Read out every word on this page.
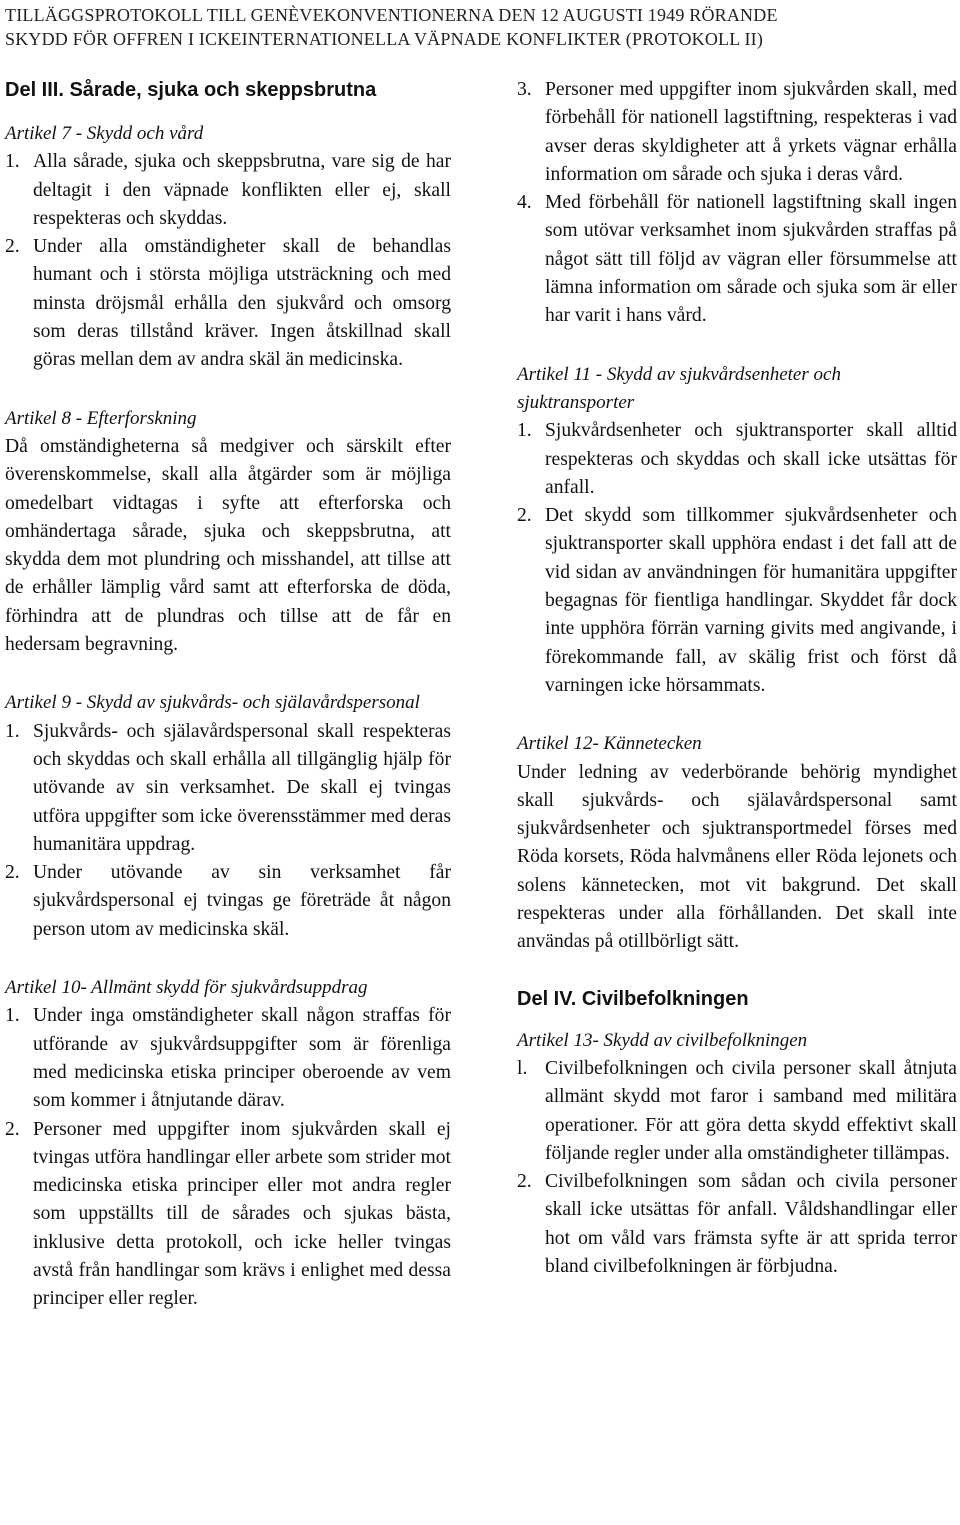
TILLÄGGSPROTOKOLL TILL GENÈVEKONVENTIONERNA DEN 12 AUGUSTI 1949 RÖRANDE
SKYDD FÖR OFFREN I ICKEINTERNATIONELLA VÄPNADE KONFLIKTER (PROTOKOLL II)
Del III. Sårade, sjuka och skeppsbrutna

Artikel 7 - Skydd och vård

1. Alla sårade, sjuka och skeppsbrutna, vare sig de har deltagit i den väpnade konflikten eller ej, skall respekteras och skyddas.

2. Under alla omständigheter skall de behandlas humant och i största möjliga utsträckning och med minsta dröjsmål erhålla den sjukvård och omsorg som deras tillstånd kräver. Ingen åtskillnad skall göras mellan dem av andra skäl än medicinska.

Artikel 8 - Efterforskning

Då omständigheterna så medgiver och särskilt efter överenskommelse, skall alla åtgärder som är möjliga omedelbart vidtagas i syfte att efterforska och omhändertaga sårade, sjuka och skeppsbrutna, att skydda dem mot plundring och misshandel, att tillse att de erhåller lämplig vård samt att efterforska de döda, förhindra att de plundras och tillse att de får en hedersam begravning.

Artikel 9 - Skydd av sjukvårds- och själavårdspersonal

1. Sjukvårds- och själavårdspersonal skall respekteras och skyddas och skall erhålla all tillgänglig hjälp för utövande av sin verksamhet. De skall ej tvingas utföra uppgifter som icke överensstämmer med deras humanitära uppdrag.

2. Under utövande av sin verksamhet får sjukvårdspersonal ej tvingas ge företräde åt någon person utom av medicinska skäl.

Artikel 10- Allmänt skydd för sjukvårdsuppdrag

1. Under inga omständigheter skall någon straffas för utförande av sjukvårdsuppgifter som är förenliga med medicinska etiska principer oberoende av vem som kommer i åtnjutande därav.

2. Personer med uppgifter inom sjukvården skall ej tvingas utföra handlingar eller arbete som strider mot medicinska etiska principer eller mot andra regler som uppställts till de sårades och sjukas bästa, inklusive detta protokoll, och icke heller tvingas avstå från handlingar som krävs i enlighet med dessa principer eller regler.

3. Personer med uppgifter inom sjukvården skall, med förbehåll för nationell lagstiftning, respekteras i vad avser deras skyldigheter att å yrkets vägnar erhålla information om sårade och sjuka i deras vård.

4. Med förbehåll för nationell lagstiftning skall ingen som utövar verksamhet inom sjukvården straffas på något sätt till följd av vägran eller försummelse att lämna information om sårade och sjuka som är eller har varit i hans vård.

Artikel 11 - Skydd av sjukvårdsenheter och sjuktransporter

1. Sjukvårdsenheter och sjuktransporter skall alltid respekteras och skyddas och skall icke utsättas för anfall.

2. Det skydd som tillkommer sjukvårdsenheter och sjuktransporter skall upphöra endast i det fall att de vid sidan av användningen för humanitära uppgifter begagnas för fientliga handlingar. Skyddet får dock inte upphöra förrän varning givits med angivande, i förekommande fall, av skälig frist och först då varningen icke hörsammats.

Artikel 12- Kännetecken

Under ledning av vederbörande behörig myndighet skall sjukvårds- och själavårdspersonal samt sjukvårdsenheter och sjuktransportmedel förses med Röda korsets, Röda halvmånens eller Röda lejonets och solens kännetecken, mot vit bakgrund. Det skall respekteras under alla förhållanden. Det skall inte användas på otillbörligt sätt.

Del IV. Civilbefolkningen

Artikel 13- Skydd av civilbefolkningen

l. Civilbefolkningen och civila personer skall åtnjuta allmänt skydd mot faror i samband med militära operationer. För att göra detta skydd effektivt skall följande regler under alla omständigheter tillämpas.

2. Civilbefolkningen som sådan och civila personer skall icke utsättas för anfall. Våldshandlingar eller hot om våld vars främsta syfte är att sprida terror bland civilbefolkningen är förbjudna.
